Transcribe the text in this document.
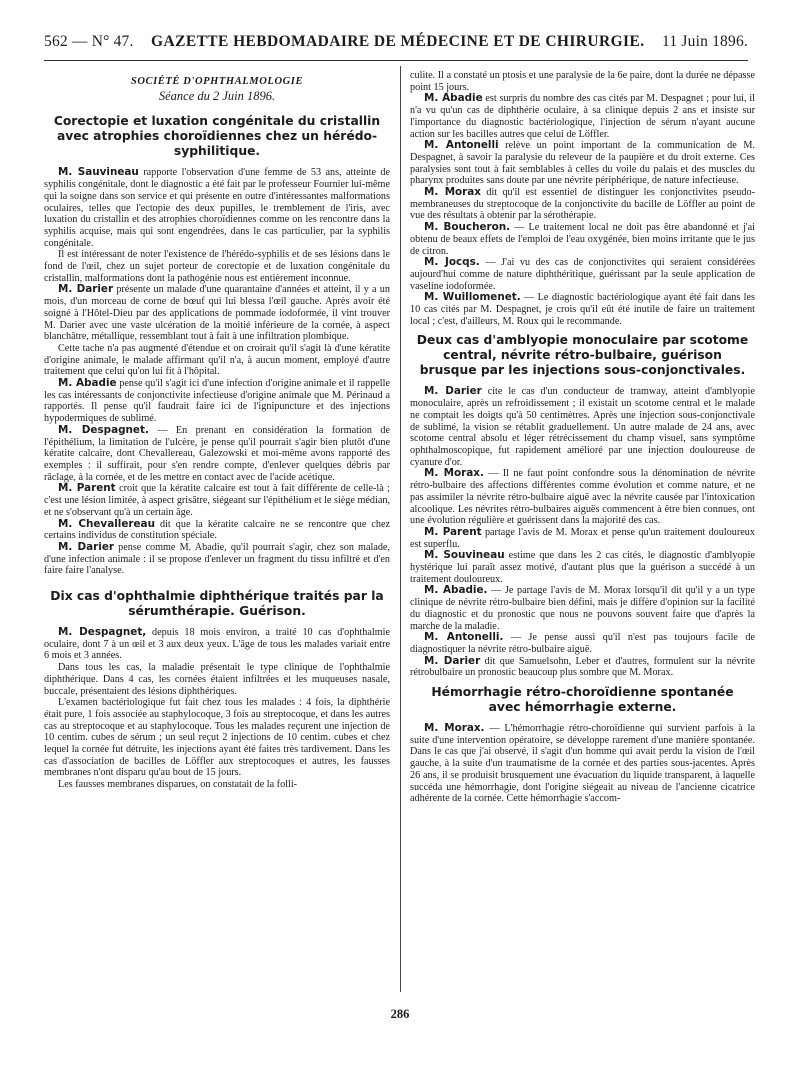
562 — N° 47. GAZETTE HEBDOMADAIRE DE MÉDECINE ET DE CHIRURGIE. 11 Juin 1896.
SOCIÉTÉ D'OPHTHALMOLOGIE
Séance du 2 Juin 1896.
Corectopie et luxation congénitale du cristallin avec atrophies choroïdiennes chez un hérédo-syphilitique.

M. Sauvineau rapporte l'observation d'une femme de 53 ans, atteinte de syphilis congénitale, dont le diagnostic a été fait par le professeur Fournier lui-même qui la soigne dans son service et qui présente en outre d'intéressantes malformations oculaires, telles que l'ectopie des deux pupilles, le tremblement de l'iris, avec luxation du cristallin et des atrophies choroïdiennes comme on les rencontre dans la syphilis acquise, mais qui sont engendrées, dans le cas particulier, par la syphilis congénitale.

Il est intéressant de noter l'existence de l'hérédo-syphilis et de ses lésions dans le fond de l'œil, chez un sujet porteur de corectopie et de luxation congénitale du cristallin, malformations dont la pathogénie nous est entièrement inconnue.

M. Darier présente un malade d'une quarantaine d'années et atteint, il y a un mois, d'un morceau de corne de bœuf qui lui blessa l'œil gauche. Après avoir été soigné à l'Hôtel-Dieu par des applications de pommade iodoformée, il vint trouver M. Darier avec une vaste ulcération de la moitié inférieure de la cornée, à aspect blanchâtre, métallique, ressemblant tout à fait à une infiltration plombique.

Cette tache n'a pas augmenté d'étendue et on croirait qu'il s'agit là d'une kératite d'origine animale, le malade affirmant qu'il n'a, à aucun moment, employé d'autre traitement que celui qu'on lui fit à l'hôpital.

M. Abadie pense qu'il s'agit ici d'une infection d'origine animale et il rappelle les cas intéressants de conjonctivite infectieuse d'origine animale que M. Périnaud a rapportés. Il pense qu'il faudrait faire ici de l'ignipuncture et des injections hypodermiques de sublimé.

M. Despagnet. — En prenant en considération la formation de l'épithélium, la limitation de l'ulcère, je pense qu'il pourrait s'agir bien plutôt d'une kératite calcaire, dont Chevallereau, Galezowski et moi-même avons rapporté des exemples : il suffirait, pour s'en rendre compte, d'enlever quelques débris par râclage, à la cornée, et de les mettre en contact avec de l'acide acétique.

M. Parent croit que la kératite calcaire est tout à fait différente de celle-là ; c'est une lésion limitée, à aspect grisâtre, siégeant sur l'épithélium et le siège médian, et ne s'observant qu'à un certain âge.

M. Chevallereau dit que la kératite calcaire ne se rencontre que chez certains individus de constitution spéciale.

M. Darier pense comme M. Abadie, qu'il pourrait s'agir, chez son malade, d'une infection animale : il se propose d'enlever un fragment du tissu infiltré et d'en faire faire l'analyse.

Dix cas d'ophthalmie diphthérique traités par la sérumthérapie. Guérison.

M. Despagnet, depuis 18 mois environ, a traité 10 cas d'ophthalmie oculaire, dont 7 à un œil et 3 aux deux yeux. L'âge de tous les malades variait entre 6 mois et 3 années.

Dans tous les cas, la maladie présentait le type clinique de l'ophthalmie diphthérique. Dans 4 cas, les cornées étaient infiltrées et les muqueuses nasale, buccale, présentaient des lésions diphthériques.

L'examen bactériologique fut fait chez tous les malades : 4 fois, la diphthérie était pure, 1 fois associée au staphylocoque, 3 fois au streptocoque, et dans les autres cas au streptocoque et au staphylocoque. Tous les malades reçurent une injection de 10 centim. cubes de sérum ; un seul reçut 2 injections de 10 centim. cubes et chez lequel la cornée fut détruite, les injections ayant été faites très tardivement. Dans les cas d'association de bacilles de Löffler aux streptocoques et autres, les fausses membranes n'ont disparu qu'au bout de 15 jours.

Les fausses membranes disparues, on constatait de la folli-

culite. Il a constaté un ptosis et une paralysie de la 6e paire, dont la durée ne dépasse point 15 jours.

M. Abadie est surpris du nombre des cas cités par M. Despagnet ; pour lui, il n'a vu qu'un cas de diphthérie oculaire, à sa clinique depuis 2 ans et insiste sur l'importance du diagnostic bactériologique, l'injection de sérum n'ayant aucune action sur les bacilles autres que celui de Löffler.

M. Antonelli relève un point important de la communication de M. Despagnet, à savoir la paralysie du releveur de la paupière et du droit externe. Ces paralysies sont tout à fait semblables à celles du voile du palais et des muscles du pharynx produites sans doute par une névrite périphérique, de nature infectieuse.

M. Morax dit qu'il est essentiel de distinguer les conjonctivites pseudo-membraneuses du streptocoque de la conjonctivite du bacille de Löffler au point de vue des résultats à obtenir par la sérothérapie.

M. Boucheron. — Le traitement local ne doit pas être abandonné et j'ai obtenu de beaux effets de l'emploi de l'eau oxygénée, bien moins irritante que le jus de citron.

M. Jocqs. — J'ai vu des cas de conjonctivites qui seraient considérées aujourd'hui comme de nature diphthéritique, guérissant par la seule application de vaseline iodoformée.

M. Wuillomenet. — Le diagnostic bactériologique ayant été fait dans les 10 cas cités par M. Despagnet, je crois qu'il eût été inutile de faire un traitement local ; c'est, d'ailleurs, M. Roux qui le recommande.

Deux cas d'amblyopie monoculaire par scotome central, névrite rétro-bulbaire, guérison brusque par les injections sous-conjonctivales.

M. Darier cite le cas d'un conducteur de tramway, atteint d'amblyopie monoculaire, après un refroidissement ; il existait un scotome central et le malade ne comptait les doigts qu'à 50 centimètres. Après une injection sous-conjonctivale de sublimé, la vision se rétablit graduellement. Un autre malade de 24 ans, avec scotome central absolu et léger rétrécissement du champ visuel, sans symptôme ophthalmoscopique, fut rapidement amélioré par une injection douloureuse de cyanure d'or.

M. Morax. — Il ne faut point confondre sous la dénomination de névrite rétro-bulbaire des affections différentes comme évolution et comme nature, et ne pas assimiler la névrite rétro-bulbaire aiguë avec la névrite causée par l'intoxication alcoolique. Les névrites rétro-bulbaires aiguës commencent à être bien connues, ont une évolution régulière et guérissent dans la majorité des cas.

M. Parent partage l'avis de M. Morax et pense qu'un traitement douloureux est superflu.

M. Souvineau estime que dans les 2 cas cités, le diagnostic d'amblyopie hystérique lui paraît assez motivé, d'autant plus que la guérison a succédé à un traitement douloureux.

M. Abadie. — Je partage l'avis de M. Morax lorsqu'il dit qu'il y a un type clinique de névrite rétro-bulbaire bien défini, mais je diffère d'opinion sur la facilité du diagnostic et du pronostic que nous ne pouvons souvent faire que d'après la marche de la maladie.

M. Antonelli. — Je pense aussi qu'il n'est pas toujours facile de diagnostiquer la névrite rétro-bulbaire aiguë.

M. Darier dit que Samuelsohn, Leber et d'autres, formulent sur la névrite rétrobulbaire un pronostic beaucoup plus sombre que M. Morax.

Hémorrhagie rétro-choroïdienne spontanée avec hémorrhagie externe.

M. Morax. — L'hémorrhagie rétro-choroïdienne qui survient parfois à la suite d'une intervention opératoire, se développe rarement d'une manière spontanée. Dans le cas que j'ai observé, il s'agit d'un homme qui avait perdu la vision de l'œil gauche, à la suite d'un traumatisme de la cornée et des parties sous-jacentes. Après 26 ans, il se produisit brusquement une évacuation du liquide transparent, à laquelle succéda une hémorrhagie, dont l'origine siégeait au niveau de l'ancienne cicatrice adhérente de la cornée. Cette hémorrhagie s'accom-

286
